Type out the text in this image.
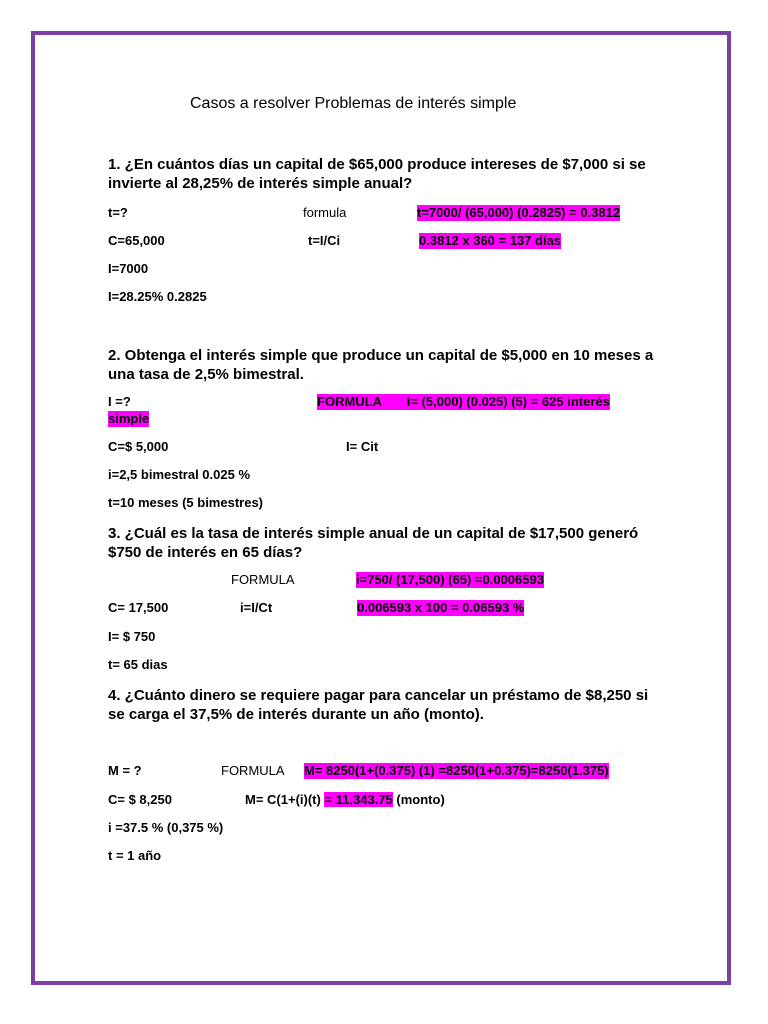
Casos a resolver Problemas de interés simple
1. ¿En cuántos días un capital de $65,000 produce intereses de $7,000 si se invierte al 28,25% de interés simple anual?
t=?	formula	t=7000/ (65,000) (0.2825) = 0.3812
C=65,000	t=I/Ci	0.3812 x 360 = 137 días
I=7000
I=28.25% 0.2825
2. Obtenga el interés simple que produce un capital de $5,000 en 10 meses a una tasa de 2,5% bimestral.
I =?	FORMULA       I= (5,000) (0.025) (5) = 625 interés
simple
C=$ 5,000	I= Cit
i=2,5 bimestral 0.025 %
t=10 meses (5 bimestres)
3. ¿Cuál es la tasa de interés simple anual de un capital de $17,500 generó $750 de interés en 65 días?
FORMULA	i=750/ (17,500) (65) =0.0006593
C= 17,500	i=I/Ct	0.006593 x 100 = 0.06593 %
I= $ 750
t= 65 dias
4. ¿Cuánto dinero se requiere pagar para cancelar un préstamo de $8,250 si se carga el 37,5% de interés durante un año (monto).
M = ?	FORMULA M= 8250(1+(0.375) (1) =8250(1+0.375)=8250(1.375)
C= $ 8,250	M= C(1+(i)(t) = 11,343.75 (monto)
i =37.5 % (0,375 %)
t = 1 año
